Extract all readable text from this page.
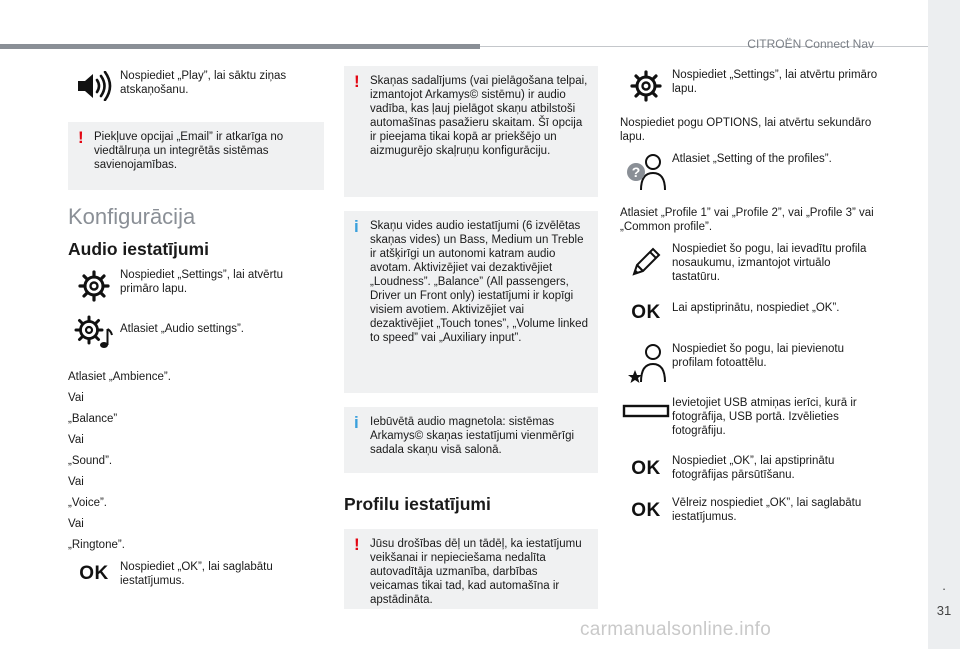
CITROËN Connect Nav
.
31
carmanualsonline.info
Nospiediet „Play”, lai sāktu ziņas atskaņošanu.
! Piekļuve opcijai „Email” ir atkarīga no viedtālruņa un integrētās sistēmas savienojamības.

Konfigurācija
Audio iestatījumi
Nospiediet „Settings”, lai atvērtu primāro lapu.
Atlasiet „Audio settings”.

Atlasiet „Ambience”.

Vai

„Balance”

Vai

„Sound”.

Vai

„Voice”.

Vai

„Ringtone”.

OK Nospiediet „OK”, lai saglabātu iestatījumus.
! Skaņas sadalījums (vai pielāgošana telpai, izmantojot Arkamys© sistēmu) ir audio vadība, kas ļauj pielāgot skaņu atbilstoši automašīnas pasažieru skaitam. Šī opcija ir pieejama tikai kopā ar priekšējo un aizmugurējo skaļruņu konfigurāciju.

i Skaņu vides audio iestatījumi (6 izvēlētas skaņas vides) un Bass, Medium un Treble ir atšķirīgi un autonomi katram audio avotam. Aktivizējiet vai dezaktivējiet „Loudness”. „Balance” (All passengers, Driver un Front only) iestatījumi ir kopīgi visiem avotiem. Aktivizējiet vai dezaktivējiet „Touch tones”, „Volume linked to speed” vai „Auxiliary input”.

i Iebūvētā audio magnetola: sistēmas Arkamys© skaņas iestatījumi vienmērīgi sadala skaņu visā salonā.

Profilu iestatījumi
! Jūsu drošības dēļ un tādēļ, ka iestatījumu veikšanai ir nepieciešama nedalīta autovadītāja uzmanība, darbības veicamas tikai tad, kad automašīna ir apstādināta.

Nospiediet „Settings”, lai atvērtu primāro lapu.

Nospiediet pogu OPTIONS, lai atvērtu sekundāro lapu.

?
Atlasiet „Setting of the profiles”.

Atlasiet „Profile 1” vai „Profile 2”, vai „Profile 3” vai „Common profile”.

Nospiediet šo pogu, lai ievadītu profila nosaukumu, izmantojot virtuālo tastatūru.
OK Lai apstiprinātu, nospiediet „OK”.
Nospiediet šo pogu, lai pievienotu profilam fotoattēlu.
Ievietojiet USB atmiņas ierīci, kurā ir fotogrāfija, USB portā. Izvēlieties fotogrāfiju.
OK Nospiediet „OK”, lai apstiprinātu fotogrāfijas pārsūtīšanu.
OK Vēlreiz nospiediet „OK”, lai saglabātu iestatījumus.
